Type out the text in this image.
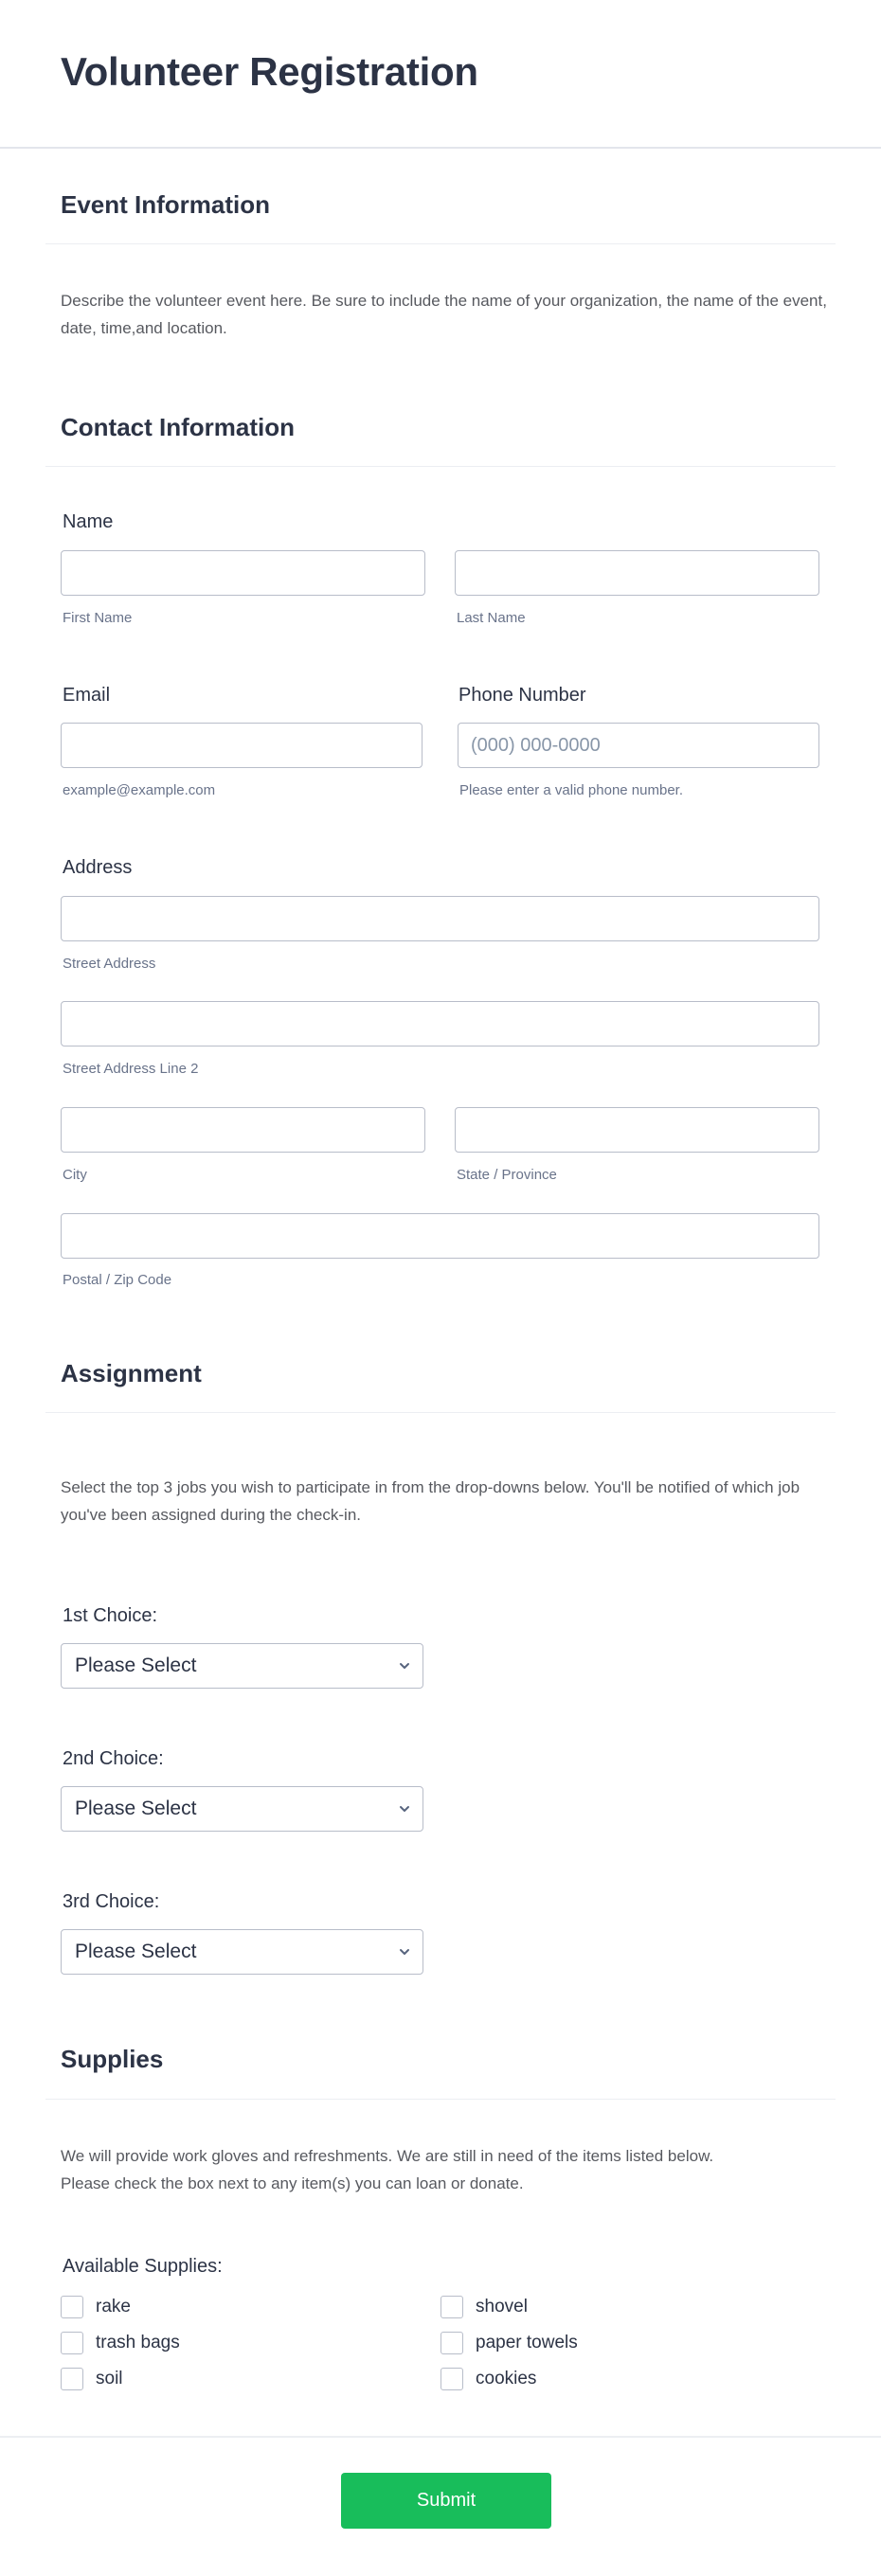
Volunteer Registration
Event Information
Describe the volunteer event here. Be sure to include the name of your organization, the name of the event, date, time,and location.
Contact Information
Name
First Name	Last Name
Email
example@example.com
Phone Number
(000) 000-0000
Please enter a valid phone number.
Address
Street Address
Street Address Line 2
City	State / Province
Postal / Zip Code
Assignment
Select the top 3 jobs you wish to participate in from the drop-downs below. You'll be notified of which job you've been assigned during the check-in.
1st Choice:
Please Select
2nd Choice:
Please Select
3rd Choice:
Please Select
Supplies
We will provide work gloves and refreshments. We are still in need of the items listed below.
Please check the box next to any item(s) you can loan or donate.
Available Supplies:
rake	shovel
trash bags	paper towels
soil	cookies
Submit
